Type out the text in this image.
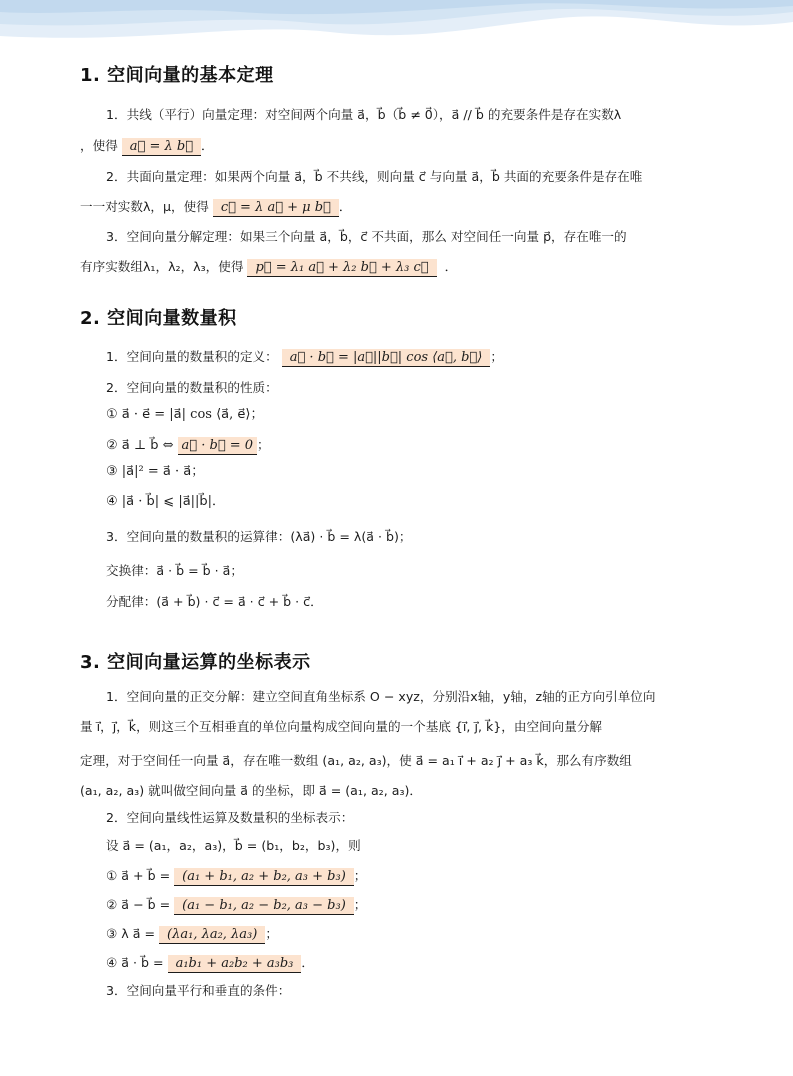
1. 空间向量的基本定理
1．共线（平行）向量定理：对空间两个向量 a⃗，b⃗（b⃗ ≠ 0⃗），a⃗ // b⃗ 的充要条件是存在实数λ
，使得 a⃗ = λ b⃗ ．
2．共面向量定理：如果两个向量 a⃗，b⃗ 不共线，则向量 c⃗ 与向量 a⃗，b⃗ 共面的充要条件是存在唯
一一对实数λ，μ，使得 c⃗ = λ a⃗ + μ b⃗ ．
3．空间向量分解定理：如果三个向量 a⃗，b⃗，c⃗ 不共面，那么 对空间任一向量 p⃗，存在唯一的
有序实数组λ₁，λ₂，λ₃，使得 p⃗ = λ₁ a⃗ + λ₂ b⃗ + λ₃ c⃗ ．
2. 空间向量数量积
1．空间向量的数量积的定义： a⃗ · b⃗ = |a⃗||b⃗| cos ⟨a⃗, b⃗⟩ ；
2．空间向量的数量积的性质：
① a⃗ · e⃗ = |a⃗| cos ⟨a⃗, e⃗⟩；
② a⃗ ⊥ b⃗ ⇔ a⃗ · b⃗ = 0 ；
③ |a⃗|² = a⃗ · a⃗；
④ |a⃗ · b⃗| ⩽ |a⃗||b⃗|．
3．空间向量的数量积的运算律：(λa⃗) · b⃗ = λ(a⃗ · b⃗)；
交换律：a⃗ · b⃗ = b⃗ · a⃗；
分配律：(a⃗ + b⃗) · c⃗ = a⃗ · c⃗ + b⃗ · c⃗．
3. 空间向量运算的坐标表示
1．空间向量的正交分解：建立空间直角坐标系 O − xyz，分别沿x轴，y轴，z轴的正方向引单位向
量 i⃗，j⃗，k⃗，则这三个互相垂直的单位向量构成空间向量的一个基底 {i⃗, j⃗, k⃗}，由空间向量分解
定理，对于空间任一向量 a⃗，存在唯一数组 (a₁, a₂, a₃)，使 a⃗ = a₁ i⃗ + a₂ j⃗ + a₃ k⃗，那么有序数组
(a₁, a₂, a₃) 就叫做空间向量 a⃗ 的坐标，即 a⃗ = (a₁, a₂, a₃)．
2．空间向量线性运算及数量积的坐标表示：
设 a⃗ = (a₁，a₂，a₃)，b⃗ = (b₁，b₂，b₃)，则
① a⃗ + b⃗ = (a₁ + b₁, a₂ + b₂, a₃ + b₃) ；
② a⃗ − b⃗ = (a₁ − b₁, a₂ − b₂, a₃ − b₃) ；
③ λ a⃗ = (λa₁, λa₂, λa₃) ；
④ a⃗ · b⃗ = a₁b₁ + a₂b₂ + a₃b₃ ．
3．空间向量平行和垂直的条件：
